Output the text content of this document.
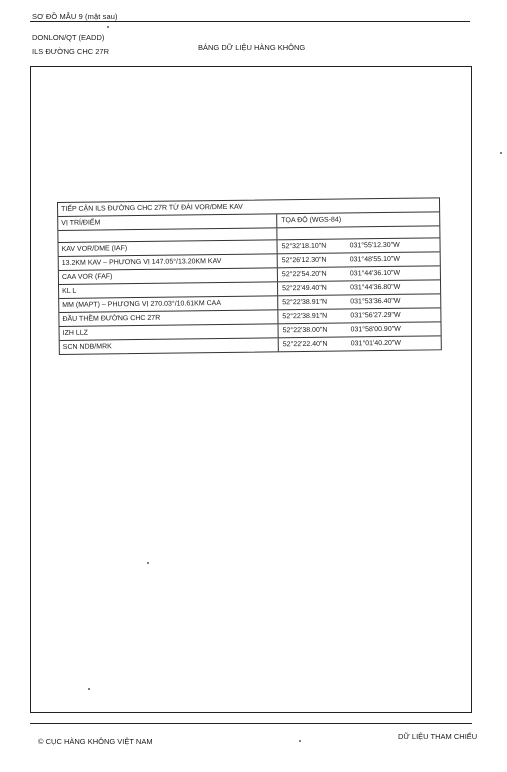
SƠ ĐỒ MẪU 9 (mặt sau)
DONLON/QT (EADD)
ILS ĐƯỜNG CHC 27R	BẢNG DỮ LIỆU HÀNG KHÔNG
TIẾP CẬN ILS ĐƯỜNG CHC 27R TỪ ĐÀI VOR/DME KAV
VỊ TRÍ/ĐIỂM	TỌA ĐỘ (WGS-84)
KAV VOR/DME (IAF)	52°32'18.10"N	031°55'12.30"W
13.2KM KAV – PHƯƠNG VỊ 147.05°/13.20KM KAV	52°26'12.30"N	031°48'55.10"W
CAA VOR (FAF)	52°22'54.20"N	031°44'36.10"W
KL L	52°22'49.40"N	031°44'36.80"W
MM (MAPT) – PHƯƠNG VỊ 270.03°/10.61KM CAA	52°22'38.91"N	031°53'36.40"W
ĐẦU THỀM ĐƯỜNG CHC 27R	52°22'38.91"N	031°56'27.29"W
IZH LLZ	52°22'38.00"N	031°58'00.90"W
SCN NDB/MRK	52°22'22.40"N	031°01'40.20"W
© CỤC HÀNG KHÔNG VIỆT NAM
DỮ LIỆU THAM CHIẾU
